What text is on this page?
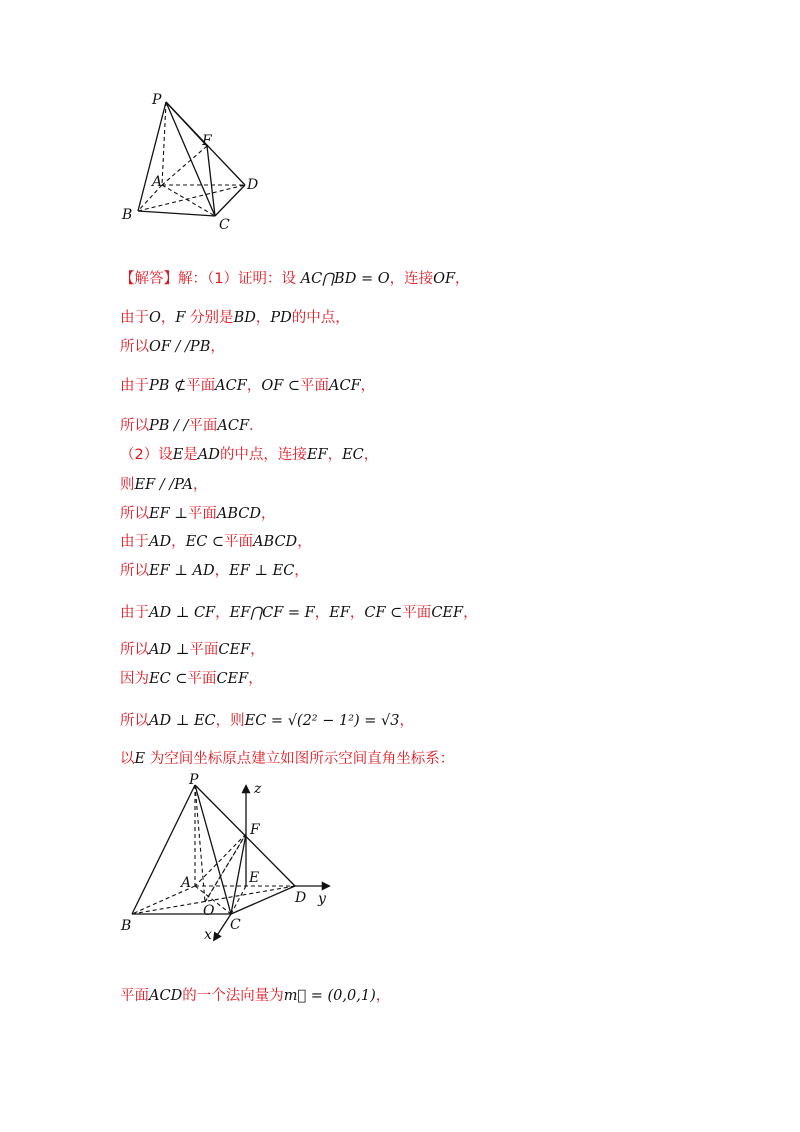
P
F
A	D
B
C
【解答】解：（1）证明：设 AC⋂BD = O，连接OF，
由于O，F 分别是BD，PD的中点，
所以OF / /PB，
由于PB ⊄平面ACF，OF ⊂平面ACF，
所以PB / /平面ACF．
（2）设E是AD的中点，连接EF，EC，
则EF / /PA，
所以EF ⊥平面ABCD，
由于AD，EC ⊂平面ABCD，
所以EF ⊥ AD，EF ⊥ EC，
由于AD ⊥ CF，EF⋂CF = F，EF，CF ⊂平面CEF，
所以AD ⊥平面CEF，
因为EC ⊂平面CEF，
所以AD ⊥ EC，则EC = √(2² − 1²) = √3，
以E 为空间坐标原点建立如图所示空间直角坐标系：
平面ACD的一个法向量为m⃗ = (0,0,1)，
P
F
A	E
O
D
B	C
z
y
x
